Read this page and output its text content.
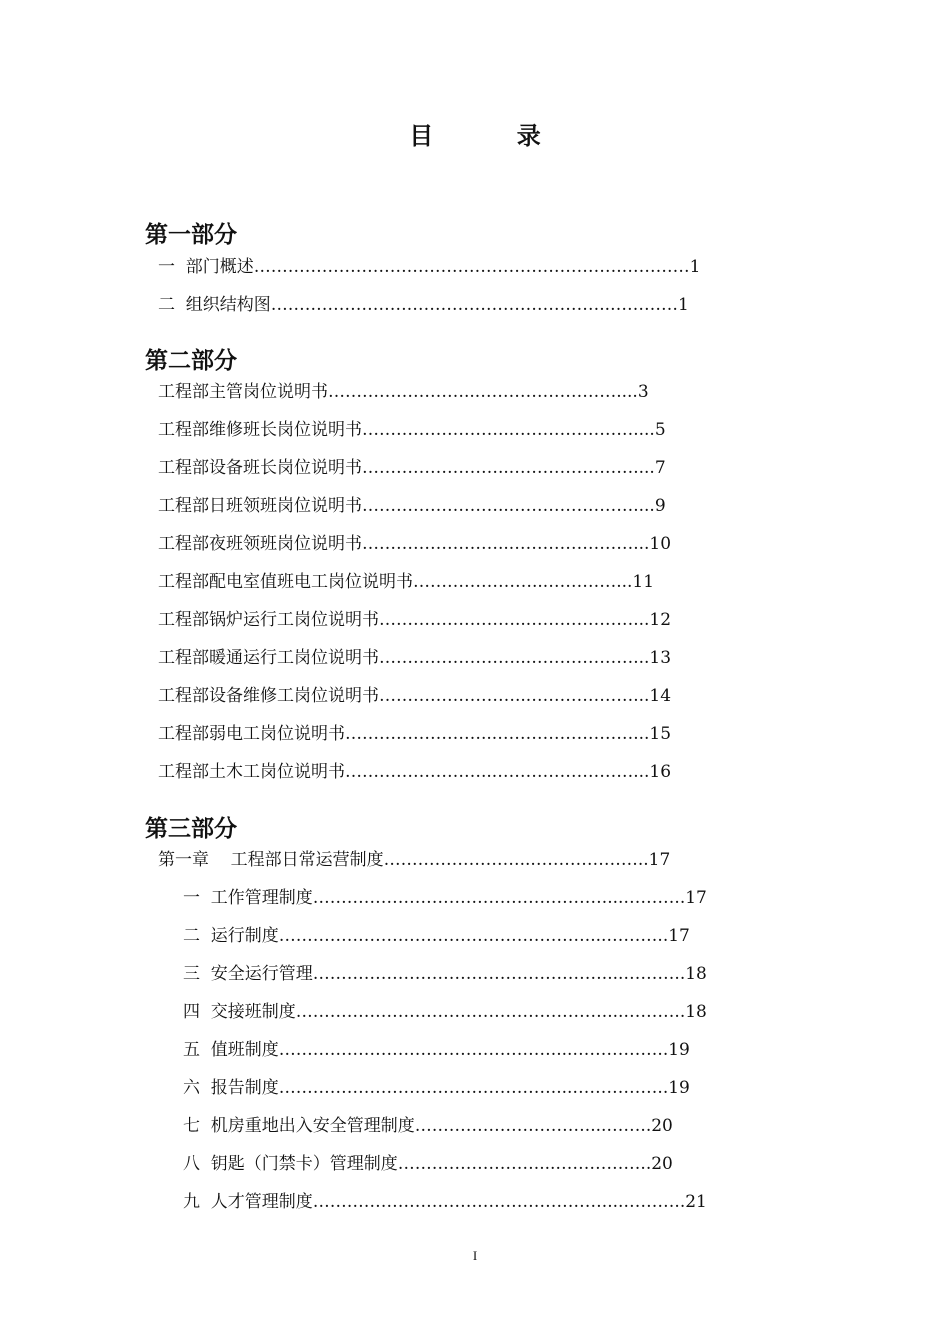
目          录
第一部分
一  部门概述……………………….……………………………….…………1
二  组织结构图…………………….……………………………..…………1
第二部分
工程部主管岗位说明书……………………...……………………....3
工程部维修班长岗位说明书……………………...…………………....5
工程部设备班长岗位说明书……………………...…………………....7
工程部日班领班岗位说明书……………………...…………………....9
工程部夜班领班岗位说明书……………………...…………………...10
工程部配电室值班电工岗位说明书…………………...…………...11
工程部锅炉运行工岗位说明书……………………...………………...12
工程部暖通运行工岗位说明书……………………...………………...13
工程部设备维修工岗位说明书……………………...………………...14
工程部弱电工岗位说明书……………………...……………………...15
工程部土木工岗位说明书……………………...……………………...16
第三部分
第一章    工程部日常运营制度……………………...………………..17
一  工作管理制度……………………………………………....………..17
二  运行制度………………………………………………....………..17
三  安全运行管理……………………………………………....………..18
四  交接班制度………………………………………………....………..18
五  值班制度…………………………………………....……………..19
六  报告制度…………………………………………....……………..19
七  机房重地出入安全管理制度…………………………....……..20
八  钥匙（门禁卡）管理制度……………………....……………..20
九  人才管理制度……………………………………………....………..21
I
